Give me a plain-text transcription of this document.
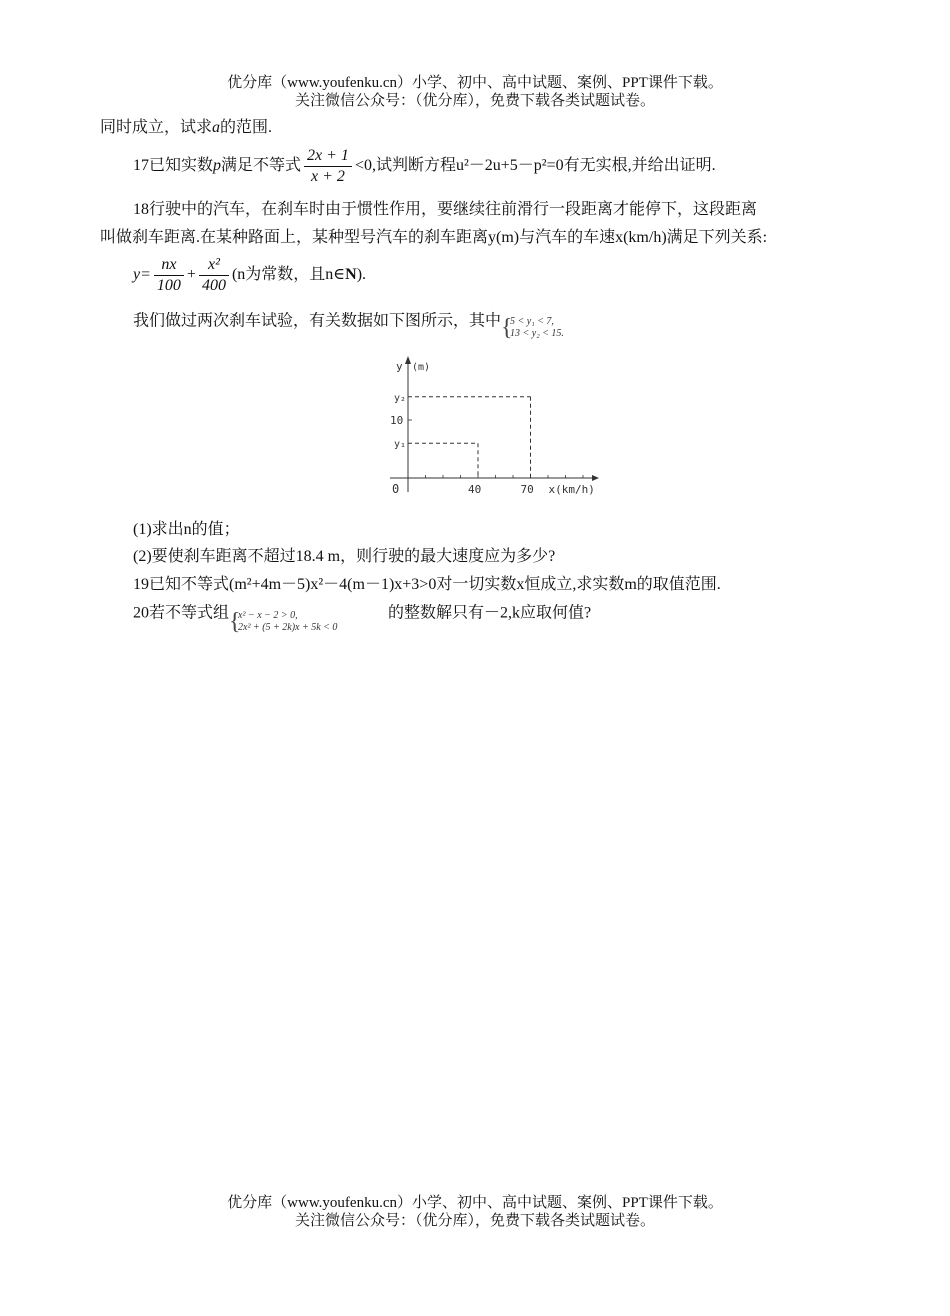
优分库（www.youfenku.cn）小学、初中、高中试题、案例、PPT课件下载。
关注微信公众号：（优分库），免费下载各类试题试卷。
同时成立，试求a的范围.
17已知实数p满足不等式 $\frac{2x + 1}{x + 2} <0$,试判断方程u²－2u+5－p²=0有无实根,并给出证明.
18行驶中的汽车，在刹车时由于惯性作用，要继续往前滑行一段距离才能停下，这段距离
叫做刹车距离.在某种路面上，某种型号汽车的刹车距离y(m)与汽车的车速x(km/h)满足下列关系:
$y= \frac{nx}{100} + \frac{\text{x²}}{400} (n$为常数，且n∈N).
我们做过两次刹车试验，有关数据如下图所示，其中 {
5 < y₁ < 7,
13 < y₂ < 15.
y (m)
y₂
10
y₁
0	40	70 x(km/h)
(1)求出n的值；
(2)要使刹车距离不超过18.4 m，则行驶的最大速度应为多少?
19已知不等式(m²+4m－5)x²－4(m－1)x+3>0对一切实数x恒成立,求实数m的取值范围.
20若不等式组 {
x² − x − 2 > 0,
2x² + (5 + 2k)x + 5k < 0
的整数解只有－2,k应取何值?
优分库（www.youfenku.cn）小学、初中、高中试题、案例、PPT课件下载。
关注微信公众号：（优分库），免费下载各类试题试卷。
